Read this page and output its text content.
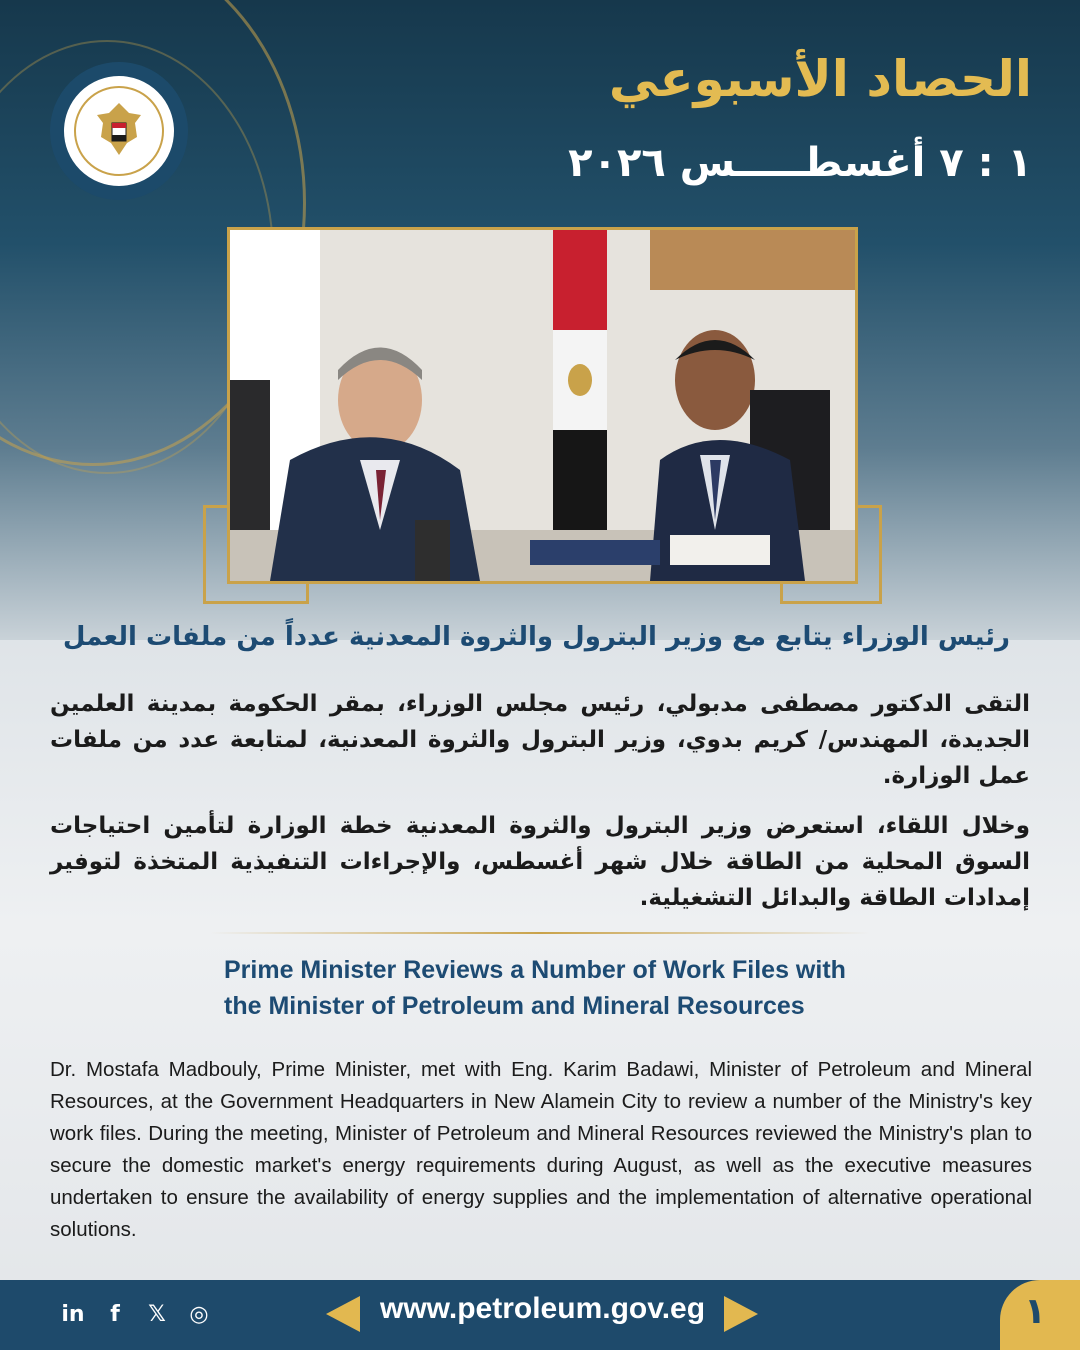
الحصاد الأسبوعي
١ : ٧ أغسطـــــس ٢٠٢٦
رئيس الوزراء يتابع مع وزير البترول والثروة المعدنية عدداً من ملفات العمل
التقى الدكتور مصطفى مدبولي، رئيس مجلس الوزراء، بمقر الحكومة بمدينة العلمين الجديدة، المهندس/ كريم بدوي، وزير البترول والثروة المعدنية، لمتابعة عدد من ملفات عمل الوزارة.
وخلال اللقاء، استعرض وزير البترول والثروة المعدنية خطة الوزارة لتأمين احتياجات السوق المحلية من الطاقة خلال شهر أغسطس، والإجراءات التنفيذية المتخذة لتوفير إمدادات الطاقة والبدائل التشغيلية.
Prime Minister Reviews a Number of Work Files with the Minister of Petroleum and Mineral Resources
Dr. Mostafa Madbouly, Prime Minister, met with Eng. Karim Badawi, Minister of Petroleum and Mineral Resources, at the Government Headquarters in New Alamein City to review a number of the Ministry's key work files. During the meeting, Minister of Petroleum and Mineral Resources reviewed the Ministry's plan to secure the domestic market's energy requirements during August, as well as the executive measures undertaken to ensure the availability of energy supplies and the implementation of alternative operational solutions.
١
in	f	𝕏 ◎	www.petroleum.gov.eg
